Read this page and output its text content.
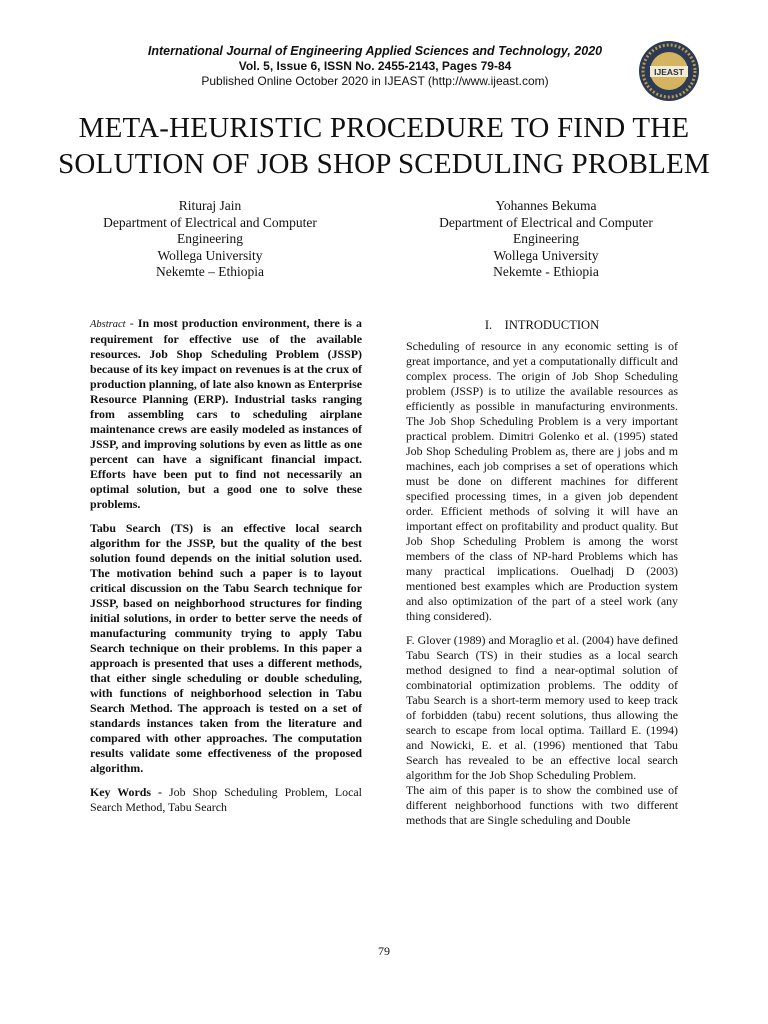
International Journal of Engineering Applied Sciences and Technology, 2020
Vol. 5, Issue 6, ISSN No. 2455-2143, Pages 79-84
Published Online October 2020 in IJEAST (http://www.ijeast.com)
IJEAST
META-HEURISTIC PROCEDURE TO FIND THE
SOLUTION OF JOB SHOP SCEDULING PROBLEM
Rituraj Jain
Department of Electrical and Computer
Engineering
Wollega University
Nekemte – Ethiopia
Yohannes Bekuma
Department of Electrical and Computer
Engineering
Wollega University
Nekemte - Ethiopia

Abstract - In most production environment, there is a requirement for effective use of the available resources. Job Shop Scheduling Problem (JSSP) because of its key impact on revenues is at the crux of production planning, of late also known as Enterprise Resource Planning (ERP). Industrial tasks ranging from assembling cars to scheduling airplane maintenance crews are easily modeled as instances of JSSP, and improving solutions by even as little as one percent can have a significant financial impact. Efforts have been put to find not necessarily an optimal solution, but a good one to solve these problems.

Tabu Search (TS) is an effective local search algorithm for the JSSP, but the quality of the best solution found depends on the initial solution used. The motivation behind such a paper is to layout critical discussion on the Tabu Search technique for JSSP, based on neighborhood structures for finding initial solutions, in order to better serve the needs of manufacturing community trying to apply Tabu Search technique on their problems. In this paper a approach is presented that uses a different methods, that either single scheduling or double scheduling, with functions of neighborhood selection in Tabu Search Method. The approach is tested on a set of standards instances taken from the literature and compared with other approaches. The computation results validate some effectiveness of the proposed algorithm.

Key Words - Job Shop Scheduling Problem, Local Search Method, Tabu Search

I.    INTRODUCTION

Scheduling of resource in any economic setting is of great importance, and yet a computationally difficult and complex process. The origin of Job Shop Scheduling problem (JSSP) is to utilize the available resources as efficiently as possible in manufacturing environments. The Job Shop Scheduling Problem is a very important practical problem. Dimitri Golenko et al. (1995) stated Job Shop Scheduling Problem as, there are j jobs and m machines, each job comprises a set of operations which must be done on different machines for different specified processing times, in a given job dependent order. Efficient methods of solving it will have an important effect on profitability and product quality. But Job Shop Scheduling Problem is among the worst members of the class of NP-hard Problems which has many practical implications. Ouelhadj D (2003) mentioned best examples which are Production system and also optimization of the part of a steel work (any thing considered).

F. Glover (1989) and Moraglio et al. (2004) have defined Tabu Search (TS) in their studies as a local search method designed to find a near-optimal solution of combinatorial optimization problems. The oddity of Tabu Search is a short-term memory used to keep track of forbidden (tabu) recent solutions, thus allowing the search to escape from local optima. Taillard E. (1994) and Nowicki, E. et al. (1996) mentioned that Tabu Search has revealed to be an effective local search algorithm for the Job Shop Scheduling Problem.

The aim of this paper is to show the combined use of different neighborhood functions with two different methods that are Single scheduling and Double

79
